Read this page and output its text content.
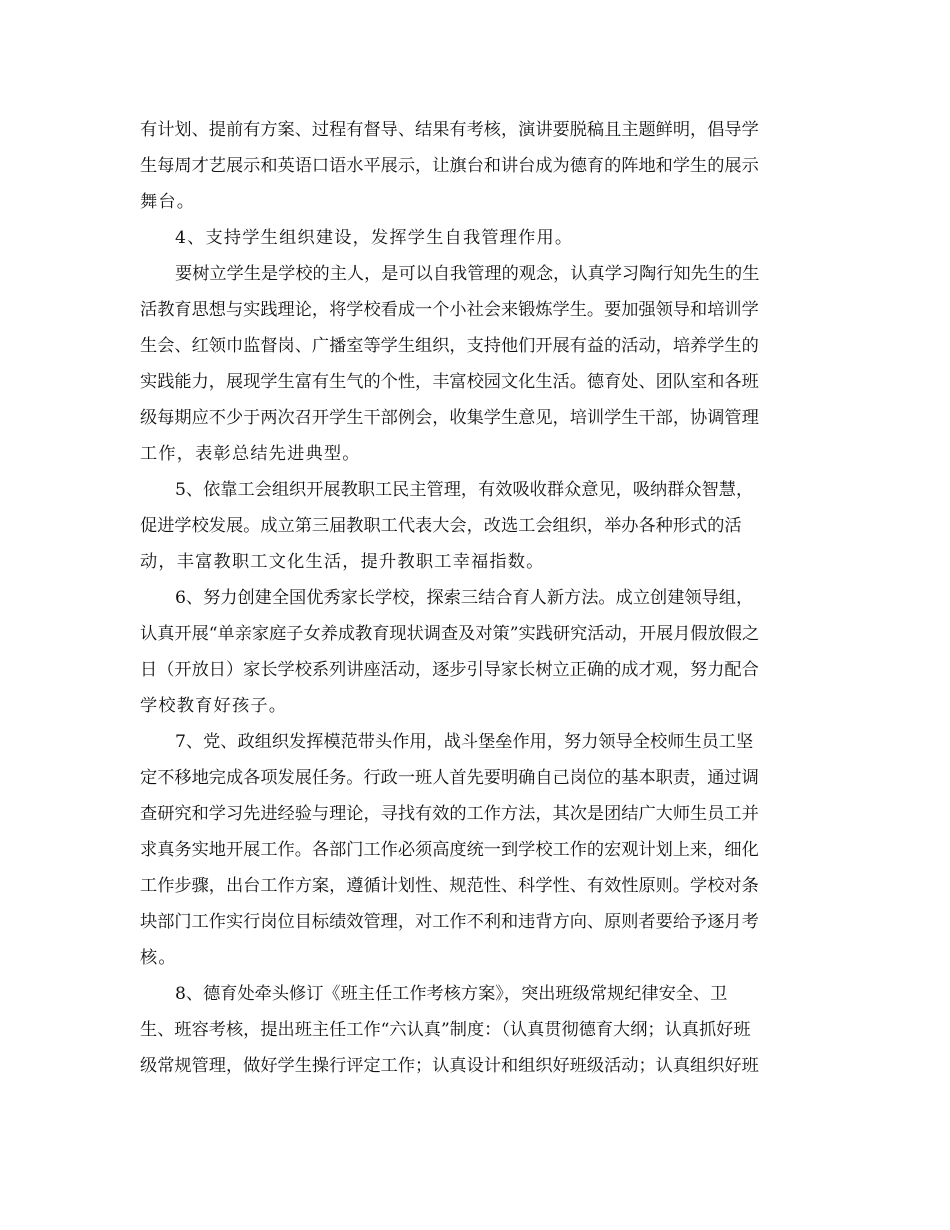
有计划、提前有方案、过程有督导、结果有考核，演讲要脱稿且主题鲜明，倡导学
生每周才艺展示和英语口语水平展示，让旗台和讲台成为德育的阵地和学生的展示
舞台。
4、支持学生组织建设，发挥学生自我管理作用。
要树立学生是学校的主人，是可以自我管理的观念，认真学习陶行知先生的生
活教育思想与实践理论，将学校看成一个小社会来锻炼学生。要加强领导和培训学
生会、红领巾监督岗、广播室等学生组织，支持他们开展有益的活动，培养学生的
实践能力，展现学生富有生气的个性，丰富校园文化生活。德育处、团队室和各班
级每期应不少于两次召开学生干部例会，收集学生意见，培训学生干部，协调管理
工作，表彰总结先进典型。
5、依靠工会组织开展教职工民主管理，有效吸收群众意见，吸纳群众智慧，
促进学校发展。成立第三届教职工代表大会，改选工会组织，举办各种形式的活
动，丰富教职工文化生活，提升教职工幸福指数。
6、努力创建全国优秀家长学校，探索三结合育人新方法。成立创建领导组，
认真开展“单亲家庭子女养成教育现状调查及对策”实践研究活动，开展月假放假之
日（开放日）家长学校系列讲座活动，逐步引导家长树立正确的成才观，努力配合
学校教育好孩子。
7、党、政组织发挥模范带头作用，战斗堡垒作用，努力领导全校师生员工坚
定不移地完成各项发展任务。行政一班人首先要明确自己岗位的基本职责，通过调
查研究和学习先进经验与理论，寻找有效的工作方法，其次是团结广大师生员工并
求真务实地开展工作。各部门工作必须高度统一到学校工作的宏观计划上来，细化
工作步骤，出台工作方案，遵循计划性、规范性、科学性、有效性原则。学校对条
块部门工作实行岗位目标绩效管理，对工作不利和违背方向、原则者要给予逐月考
核。
8、德育处牵头修订《班主任工作考核方案》，突出班级常规纪律安全、卫
生、班容考核，提出班主任工作“六认真”制度：（认真贯彻德育大纲；认真抓好班
级常规管理，做好学生操行评定工作；认真设计和组织好班级活动；认真组织好班
